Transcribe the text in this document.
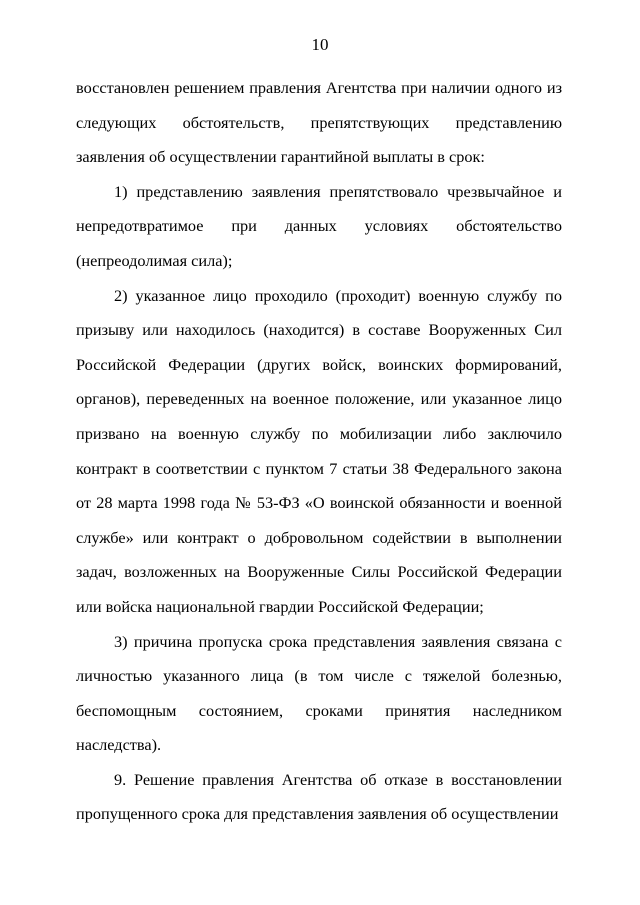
10

восстановлен решением правления Агентства при наличии одного из следующих обстоятельств, препятствующих представлению заявления об осуществлении гарантийной выплаты в срок:

1) представлению заявления препятствовало чрезвычайное и непредотвратимое при данных условиях обстоятельство (непреодолимая сила);

2) указанное лицо проходило (проходит) военную службу по призыву или находилось (находится) в составе Вооруженных Сил Российской Федерации (других войск, воинских формирований, органов), переведенных на военное положение, или указанное лицо призвано на военную службу по мобилизации либо заключило контракт в соответствии с пунктом 7 статьи 38 Федерального закона от 28 марта 1998 года № 53-ФЗ «О воинской обязанности и военной службе» или контракт о добровольном содействии в выполнении задач, возложенных на Вооруженные Силы Российской Федерации или войска национальной гвардии Российской Федерации;

3) причина пропуска срока представления заявления связана с личностью указанного лица (в том числе с тяжелой болезнью, беспомощным состоянием, сроками принятия наследником наследства).

9. Решение правления Агентства об отказе в восстановлении пропущенного срока для представления заявления об осуществлении
